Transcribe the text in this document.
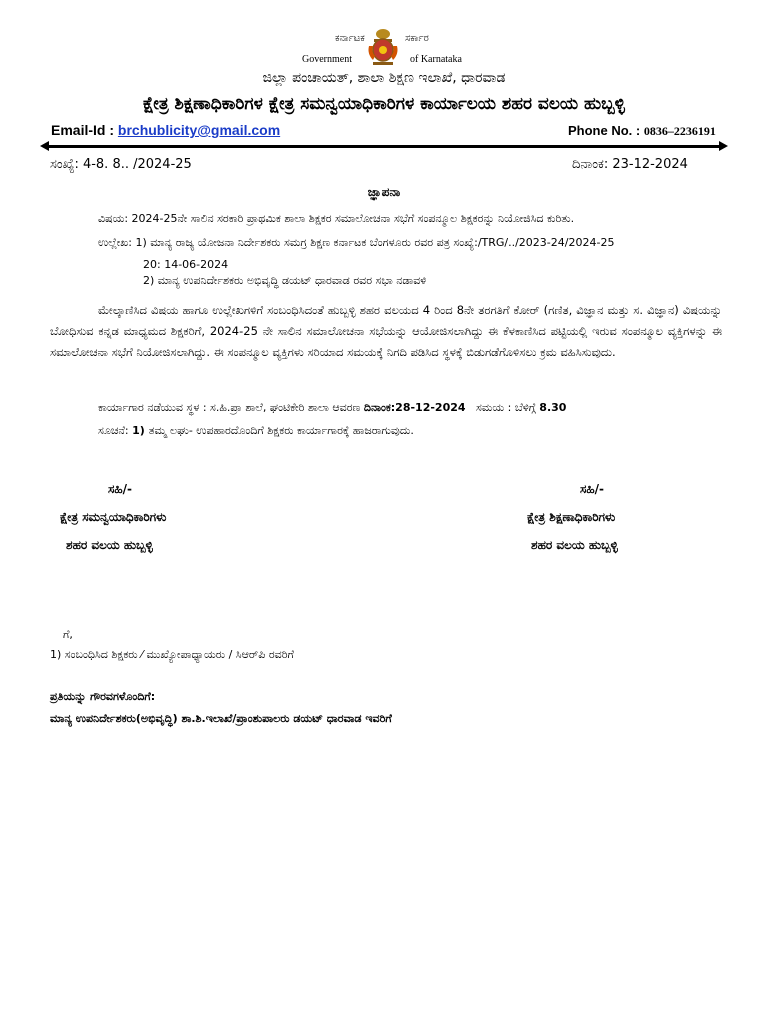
ಕರ್ನಾಟಕ	ಸರ್ಕಾರ
Government	of Karnataka
ಜಿಲ್ಲಾ ಪಂಚಾಯತ್, ಶಾಲಾ ಶಿಕ್ಷಣ ಇಲಾಖೆ, ಧಾರವಾಡ
ಕ್ಷೇತ್ರ ಶಿಕ್ಷಣಾಧಿಕಾರಿಗಳ ಕ್ಷೇತ್ರ ಸಮನ್ವಯಾಧಿಕಾರಿಗಳ ಕಾರ್ಯಾಲಯ ಶಹರ ವಲಯ ಹುಬ್ಬಳ್ಳಿ
Email-Id : brchublicity@gmail.com	Phone No. : 0836–2236191
ಸಂಖ್ಯೆ: 4-8. 8.. /2024-25	ದಿನಾಂಕ: 23-12-2024
ಜ್ಞಾಪನಾ
ವಿಷಯ: 2024-25ನೇ ಸಾಲಿನ ಸರಕಾರಿ ಪ್ರಾಥಮಿಕ ಶಾಲಾ ಶಿಕ್ಷಕರ ಸಮಾಲೋಚನಾ ಸಭೆಗೆ ಸಂಪನ್ಮೂಲ ಶಿಕ್ಷಕರನ್ನು ನಿಯೋಜಿಸಿದ ಕುರಿತು.
ಉಲ್ಲೇಖ: 1) ಮಾನ್ಯ ರಾಜ್ಯ ಯೋಜನಾ ನಿರ್ದೇಶಕರು ಸಮಗ್ರ ಶಿಕ್ಷಣ ಕರ್ನಾಟಕ ಬೆಂಗಳೂರು ರವರ ಪತ್ರ ಸಂಖ್ಯೆ:/TRG/../2023-24/2024-25
20: 14-06-2024
2) ಮಾನ್ಯ ಉಪನಿರ್ದೇಶಕರು ಅಭಿವೃದ್ಧಿ ಡಯಟ್ ಧಾರವಾಡ ರವರ ಸಭಾ ನಡಾವಳಿ
ಮೇಲ್ಕಾಣಿಸಿದ ವಿಷಯ ಹಾಗೂ ಉಲ್ಲೇಖಗಳಿಗೆ ಸಂಬಂಧಿಸಿದಂತೆ ಹುಬ್ಬಳ್ಳಿ ಶಹರ ವಲಯದ 4 ರಿಂದ 8ನೇ ತರಗತಿಗೆ ಕೋರ್ (ಗಣಿತ, ವಿಜ್ಞಾನ ಮತ್ತು ಸ. ವಿಜ್ಞಾನ) ವಿಷಯನ್ನು ಬೋಧಿಸುವ ಕನ್ನಡ ಮಾಧ್ಯಮದ ಶಿಕ್ಷಕರಿಗೆ, 2024-25 ನೇ ಸಾಲಿನ ಸಮಾಲೋಚನಾ ಸಭೆಯನ್ನು ಆಯೋಜಿಸಲಾಗಿದ್ದು ಈ ಕೆಳಕಾಣಿಸಿದ ಪಟ್ಟಿಯಲ್ಲಿ ಇರುವ ಸಂಪನ್ಮೂಲ ವ್ಯಕ್ತಿಗಳನ್ನು ಈ ಸಮಾಲೋಚನಾ ಸಭೆಗೆ ನಿಯೋಜಿಸಲಾಗಿದ್ದು. ಈ ಸಂಪನ್ಮೂಲ ವ್ಯಕ್ತಿಗಳು ಸರಿಯಾದ ಸಮಯಕ್ಕೆ ನಿಗದಿ ಪಡಿಸಿದ ಸ್ಥಳಕ್ಕೆ ಬಿಡುಗಡೆಗೊಳಿಸಲು ಕ್ರಮ ವಹಿಸಿಸುವುದು.
ಕಾರ್ಯಾಗಾರ ನಡೆಯುವ ಸ್ಥಳ : ಸ.ಹಿ.ಪ್ರಾ ಶಾಲೆ, ಘಂಟಿಕೇರಿ ಶಾಲಾ ಆವರಣ ದಿನಾಂಕ:28-12-2024 ಸಮಯ : ಬೆಳಿಗ್ಗೆ 8.30
ಸೂಚನೆ: 1) ತಮ್ಮ ಲಘು- ಉಪಹಾರದೊಂದಿಗೆ ಶಿಕ್ಷಕರು ಕಾರ್ಯಾಗಾರಕ್ಕೆ ಹಾಜರಾಗುವುದು.
ಸಹಿ/-
ಕ್ಷೇತ್ರ ಸಮನ್ವಯಾಧಿಕಾರಿಗಳು
ಶಹರ ವಲಯ ಹುಬ್ಬಳ್ಳಿ
ಸಹಿ/-
ಕ್ಷೇತ್ರ ಶಿಕ್ಷಣಾಧಿಕಾರಿಗಳು
ಶಹರ ವಲಯ ಹುಬ್ಬಳ್ಳಿ
ಗೆ,
1) ಸಂಬಂಧಿಸಿದ ಶಿಕ್ಷಕರು ⁄ ಮುಖ್ಯೋಪಾಧ್ಯಾಯರು / ಸಿಆರ್‌ಪಿ ರವರಿಗೆ
ಪ್ರತಿಯನ್ನು ಗೌರವಗಳೊಂದಿಗೆ:
ಮಾನ್ಯ ಉಪನಿರ್ದೇಶಕರು(ಅಭಿವೃದ್ಧಿ) ಶಾ.ಶಿ.ಇಲಾಖೆ/ಪ್ರಾಂಶುಪಾಲರು ಡಯಟ್ ಧಾರವಾಡ ಇವರಿಗೆ
